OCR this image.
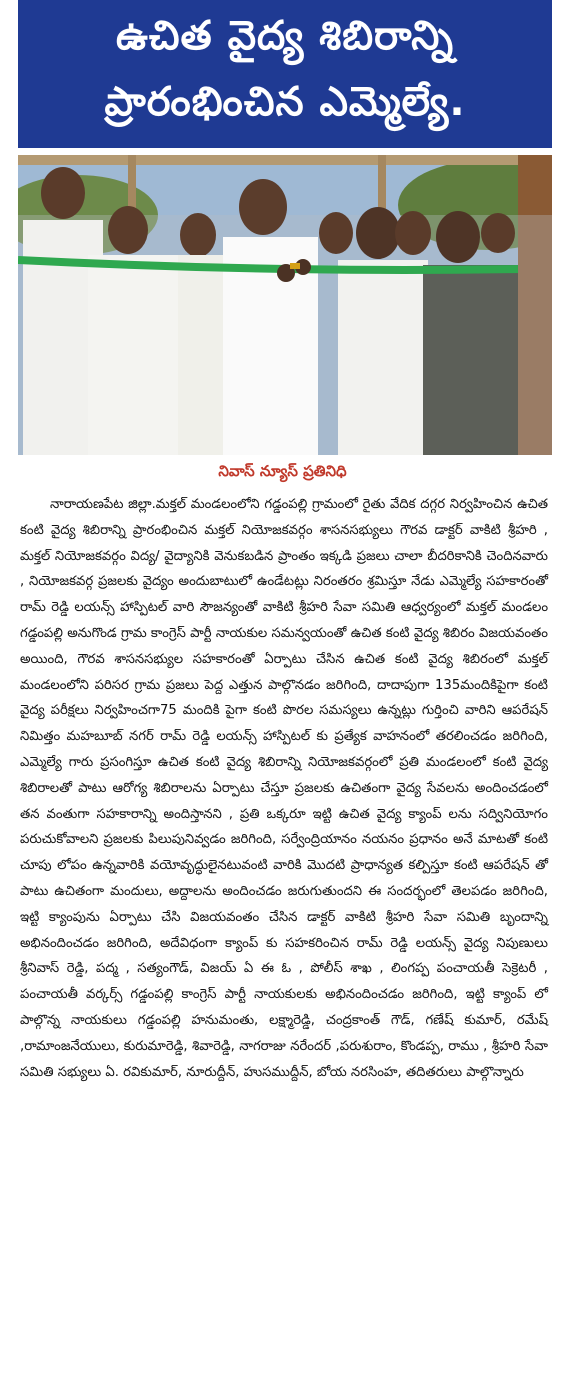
ఉచిత వైద్య శిబిరాన్ని
ప్రారంభించిన ఎమ్మెల్యే.
నివాస్ న్యూస్ ప్రతినిధి

నారాయణపేట జిల్లా.మక్తల్ మండలంలోని గడ్డంపల్లి గ్రామంలో రైతు వేదిక దగ్గర నిర్వహించిన ఉచిత కంటి వైద్య శిబిరాన్ని ప్రారంభించిన మక్తల్ నియోజకవర్గం శాసనసభ్యులు గౌరవ డాక్టర్ వాకిటి శ్రీహరి , మక్తల్ నియోజకవర్గం విద్య/ వైద్యానికి వెనుకబడిన ప్రాంతం ఇక్కడి ప్రజలు చాలా బీదరికానికి చెందినవారు , నియోజకవర్గ ప్రజలకు వైద్యం అందుబాటులో ఉండేటట్లు నిరంతరం శ్రమిస్తూ నేడు ఎమ్మెల్యే సహకారంతో రామ్ రెడ్డి లయన్స్ హాస్పిటల్ వారి సౌజన్యంతో వాకిటి శ్రీహరి సేవా సమితి ఆధ్వర్యంలో మక్తల్ మండలం గడ్డంపల్లి అనుగొండ గ్రామ కాంగ్రెస్ పార్టీ నాయకుల సమన్వయంతో ఉచిత కంటి వైద్య శిబిరం విజయవంతం అయింది, గౌరవ శాసనసభ్యుల సహకారంతో ఏర్పాటు చేసిన ఉచిత కంటి వైద్య శిబిరంలో మక్తల్ మండలంలోని పరిసర గ్రామ ప్రజలు పెద్ద ఎత్తున పాల్గొనడం జరిగింది, దాదాపుగా 135మందికిపైగా కంటి వైద్య పరీక్షలు నిర్వహించగా75 మందికి పైగా కంటి పొరల సమస్యలు ఉన్నట్లు గుర్తించి వారిని ఆపరేషన్ నిమిత్తం మహబూబ్ నగర్ రామ్ రెడ్డి లయన్స్ హాస్పిటల్ కు ప్రత్యేక వాహనంలో తరలించడం జరిగింది, ఎమ్మెల్యే గారు ప్రసంగిస్తూ ఉచిత కంటి వైద్య శిబిరాన్ని నియోజకవర్గంలో ప్రతి మండలంలో కంటి వైద్య శిబిరాలతో పాటు ఆరోగ్య శిబిరాలను ఏర్పాటు చేస్తూ ప్రజలకు ఉచితంగా వైద్య సేవలను అందించడంలో తన వంతుగా సహకారాన్ని అందిస్తానని , ప్రతి ఒక్కరూ ఇట్టి ఉచిత వైద్య క్యాంప్ లను సద్వినియోగం పరుచుకోవాలని ప్రజలకు పిలుపునివ్వడం జరిగింది, సర్వేంద్రియానం నయనం ప్రధానం అనే మాటతో కంటి చూపు లోపం ఉన్నవారికి వయోవృద్ధులైనటువంటి వారికి మొదటి ప్రాధాన్యత కల్పిస్తూ కంటి ఆపరేషన్ తో పాటు ఉచితంగా మందులు, అద్దాలను అందించడం జరుగుతుందని ఈ సందర్భంలో తెలపడం జరిగింది, ఇట్టి క్యాంపును ఏర్పాటు చేసి విజయవంతం చేసిన డాక్టర్ వాకిటి శ్రీహరి సేవా సమితి బృందాన్ని అభినందించడం జరిగింది, అదేవిధంగా క్యాంప్ కు సహకరించిన రామ్ రెడ్డి లయన్స్ వైద్య నిపుణులు శ్రీనివాస్ రెడ్డి, పద్మ , సత్యంగౌడ్, విజయ్ ఏ ఈ ఓ , పోలీస్ శాఖ , లింగప్ప పంచాయతీ సెక్రెటరీ , పంచాయతీ వర్కర్స్ గడ్డంపల్లి కాంగ్రెస్ పార్టీ నాయకులకు అభినందించడం జరిగింది, ఇట్టి క్యాంప్ లో పాల్గొన్న నాయకులు గడ్డంపల్లి హనుమంతు, లక్ష్మారెడ్డి, చంద్రకాంత్ గౌడ్, గణేష్ కుమార్, రమేష్ ,రామాంజనేయులు, కురుమారెడ్డి, శివారెడ్డి, నాగరాజు నరేందర్ ,పరుశురాం, కొండప్ప, రాము , శ్రీహరి సేవా సమితి సభ్యులు ఏ. రవికుమార్, నూరుద్దీన్, హుసముద్దీన్, బోయ నరసింహ, తదితరులు పాల్గొన్నారు
